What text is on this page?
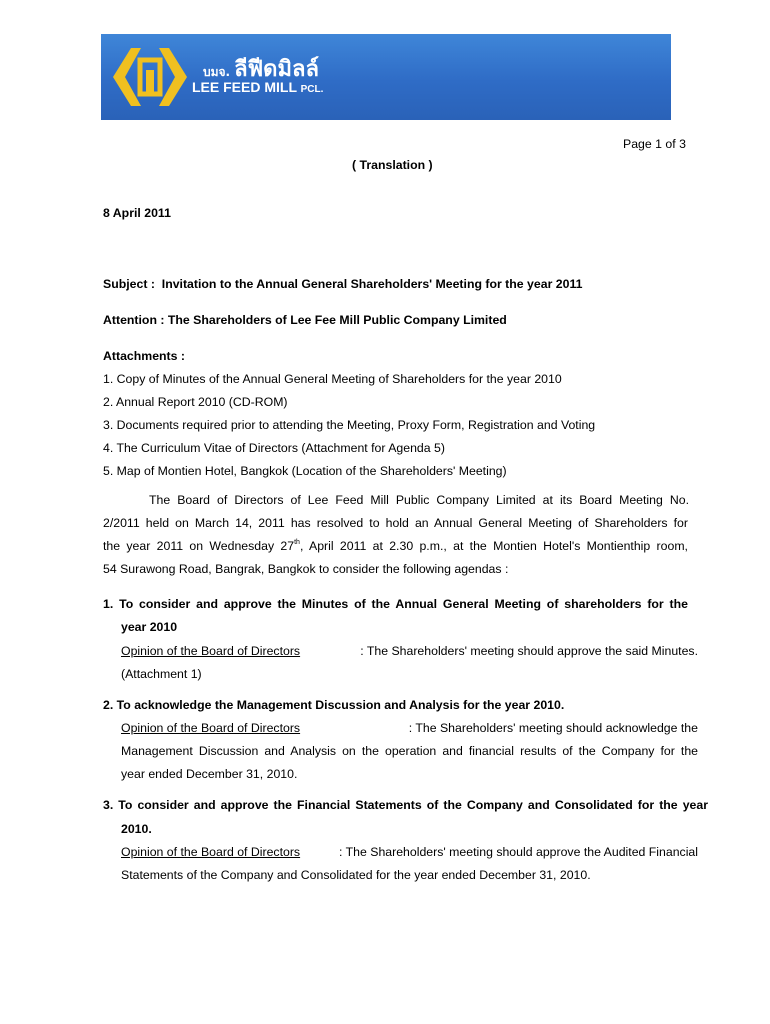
บมจ. ลีฟีดมิลล์
LEE FEED MILL PCL.
Page 1 of 3
( Translation )
8 April 2011
Subject : Invitation to the Annual General Shareholders' Meeting for the year 2011
Attention : The Shareholders of Lee Fee Mill Public Company Limited
Attachments :
1. Copy of Minutes of the Annual General Meeting of Shareholders for the year 2010
2. Annual Report 2010 (CD-ROM)
3. Documents required prior to attending the Meeting, Proxy Form, Registration and Voting
4. The Curriculum Vitae of Directors (Attachment for Agenda 5)
5. Map of Montien Hotel, Bangkok (Location of the Shareholders' Meeting)
The Board of Directors of Lee Feed Mill Public Company Limited at its Board Meeting No.
2/2011 held on March 14, 2011 has resolved to hold an Annual General Meeting of Shareholders for
the year 2011 on Wednesday 27th, April 2011 at 2.30 p.m., at the Montien Hotel's Montienthip room,
54 Surawong Road, Bangrak, Bangkok to consider the following agendas :
1. To consider and approve the Minutes of the Annual General Meeting of shareholders for the
year 2010
Opinion of the Board of Directors	: The Shareholders' meeting should approve the said Minutes.
(Attachment 1)
2. To acknowledge the Management Discussion and Analysis for the year 2010.
Opinion of the Board of Directors	: The Shareholders' meeting should acknowledge the
Management Discussion and Analysis on the operation and financial results of the Company for the
year ended December 31, 2010.
3. To consider and approve the Financial Statements of the Company and Consolidated for the year
2010.
Opinion of the Board of Directors	: The Shareholders' meeting should approve the Audited Financial
Statements of the Company and Consolidated for the year ended December 31, 2010.
